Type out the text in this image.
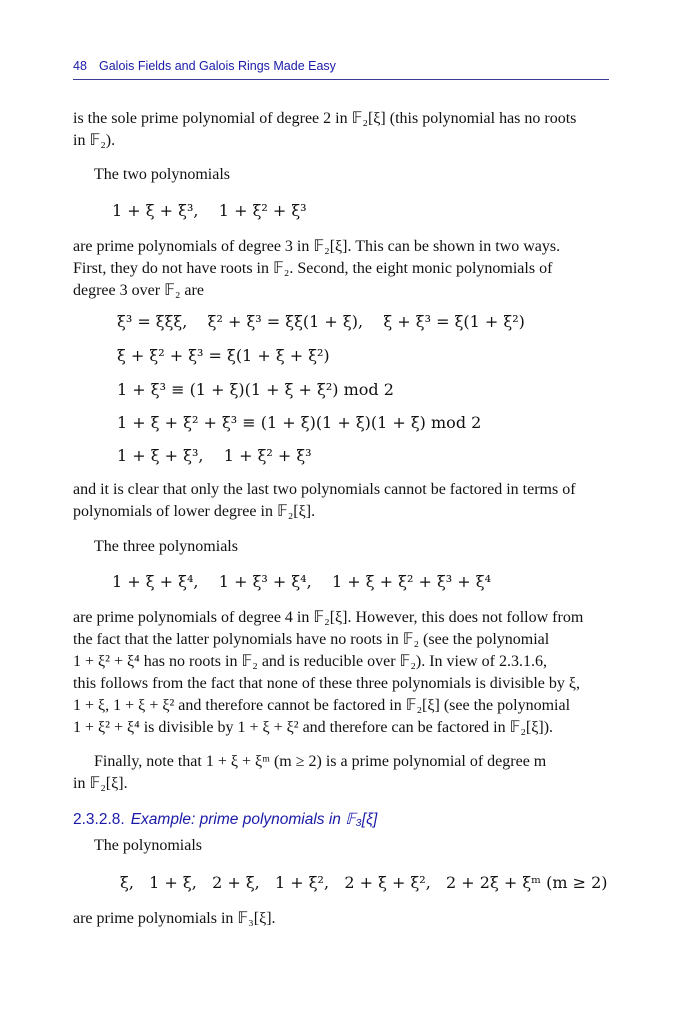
48 Galois Fields and Galois Rings Made Easy

is the sole prime polynomial of degree 2 in 𝔽₂[ξ] (this polynomial has no roots

in 𝔽₂).

The two polynomials

1 + ξ + ξ³,    1 + ξ² + ξ³

are prime polynomials of degree 3 in 𝔽₂[ξ]. This can be shown in two ways.

First, they do not have roots in 𝔽₂. Second, the eight monic polynomials of

degree 3 over 𝔽₂ are

ξ³ = ξξξ,    ξ² + ξ³ = ξξ(1 + ξ),    ξ + ξ³ = ξ(1 + ξ²)

ξ + ξ² + ξ³ = ξ(1 + ξ + ξ²)

1 + ξ³ ≡ (1 + ξ)(1 + ξ + ξ²) mod 2

1 + ξ + ξ² + ξ³ ≡ (1 + ξ)(1 + ξ)(1 + ξ) mod 2

1 + ξ + ξ³,    1 + ξ² + ξ³

and it is clear that only the last two polynomials cannot be factored in terms of

polynomials of lower degree in 𝔽₂[ξ].

The three polynomials

1 + ξ + ξ⁴,    1 + ξ³ + ξ⁴,    1 + ξ + ξ² + ξ³ + ξ⁴

are prime polynomials of degree 4 in 𝔽₂[ξ]. However, this does not follow from

the fact that the latter polynomials have no roots in 𝔽₂ (see the polynomial

1 + ξ² + ξ⁴ has no roots in 𝔽₂ and is reducible over 𝔽₂). In view of 2.3.1.6,

this follows from the fact that none of these three polynomials is divisible by ξ,

1 + ξ, 1 + ξ + ξ² and therefore cannot be factored in 𝔽₂[ξ] (see the polynomial

1 + ξ² + ξ⁴ is divisible by 1 + ξ + ξ² and therefore can be factored in 𝔽₂[ξ]).

Finally, note that 1 + ξ + ξᵐ (m ≥ 2) is a prime polynomial of degree m

in 𝔽₂[ξ].

2.3.2.8. Example: prime polynomials in 𝔽₃[ξ]

The polynomials

ξ,   1 + ξ,   2 + ξ,   1 + ξ²,   2 + ξ + ξ²,   2 + 2ξ + ξᵐ (m ≥ 2)

are prime polynomials in 𝔽₃[ξ].
